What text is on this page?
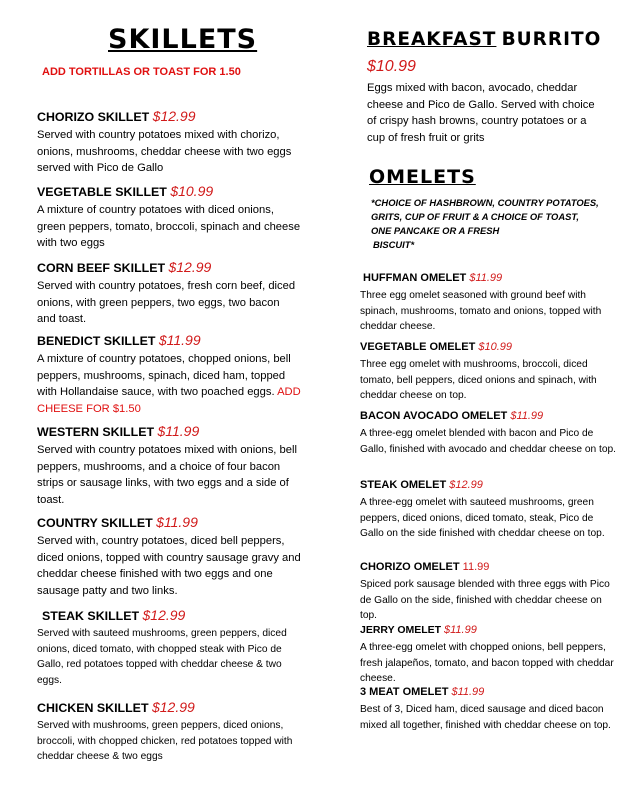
SKILLETS
ADD TORTILLAS OR TOAST FOR 1.50
CHORIZO SKILLET $12.99
Served with country potatoes mixed with chorizo, onions, mushrooms, cheddar cheese with two eggs served with Pico de Gallo
VEGETABLE SKILLET $10.99
A mixture of country potatoes with diced onions, green peppers, tomato, broccoli, spinach and cheese with two eggs
CORN BEEF SKILLET $12.99
Served with country potatoes, fresh corn beef, diced onions, with green peppers, two eggs, two bacon and toast.
BENEDICT SKILLET $11.99
A mixture of country potatoes, chopped onions, bell peppers, mushrooms, spinach, diced ham, topped with Hollandaise sauce, with two poached eggs. ADD CHEESE FOR $1.50
WESTERN SKILLET $11.99
Served with country potatoes mixed with onions, bell peppers, mushrooms, and a choice of four bacon strips or sausage links, with two eggs and a side of toast.
COUNTRY SKILLET $11.99
Served with, country potatoes, diced bell peppers, diced onions, topped with country sausage gravy and cheddar cheese finished with two eggs and one sausage patty and two links.
STEAK SKILLET $12.99
Served with sauteed mushrooms, green peppers, diced onions, diced tomato, with chopped steak with Pico de Gallo, red potatoes topped with cheddar cheese & two eggs.
CHICKEN SKILLET $12.99
Served with mushrooms, green peppers, diced onions, broccoli, with chopped chicken, red potatoes topped with cheddar cheese & two eggs
BREAKFAST BURRITO
$10.99
Eggs mixed with bacon, avocado, cheddar cheese and Pico de Gallo. Served with choice of crispy hash browns, country potatoes or a cup of fresh fruit or grits
OMELETS
*CHOICE OF HASHBROWN, COUNTRY POTATOES, GRITS, CUP OF FRUIT & A CHOICE OF TOAST, ONE PANCAKE OR A FRESH
BISCUIT*
HUFFMAN OMELET $11.99
Three egg omelet seasoned with ground beef with spinach, mushrooms, tomato and onions, topped with cheddar cheese.
VEGETABLE OMELET $10.99
Three egg omelet with mushrooms, broccoli, diced tomato, bell peppers, diced onions and spinach, with cheddar cheese on top.
BACON AVOCADO OMELET $11.99
A three-egg omelet blended with bacon and Pico de Gallo, finished with avocado and cheddar cheese on top.
STEAK OMELET $12.99
A three-egg omelet with sauteed mushrooms, green peppers, diced onions, diced tomato, steak, Pico de Gallo on the side finished with cheddar cheese on top.
CHORIZO OMELET 11.99
Spiced pork sausage blended with three eggs with Pico de Gallo on the side, finished with cheddar cheese on top.
JERRY OMELET $11.99
A three-egg omelet with chopped onions, bell peppers, fresh jalapeños, tomato, and bacon topped with cheddar cheese.
3 MEAT OMELET $11.99
Best of 3, Diced ham, diced sausage and diced bacon mixed all together, finished with cheddar cheese on top.
